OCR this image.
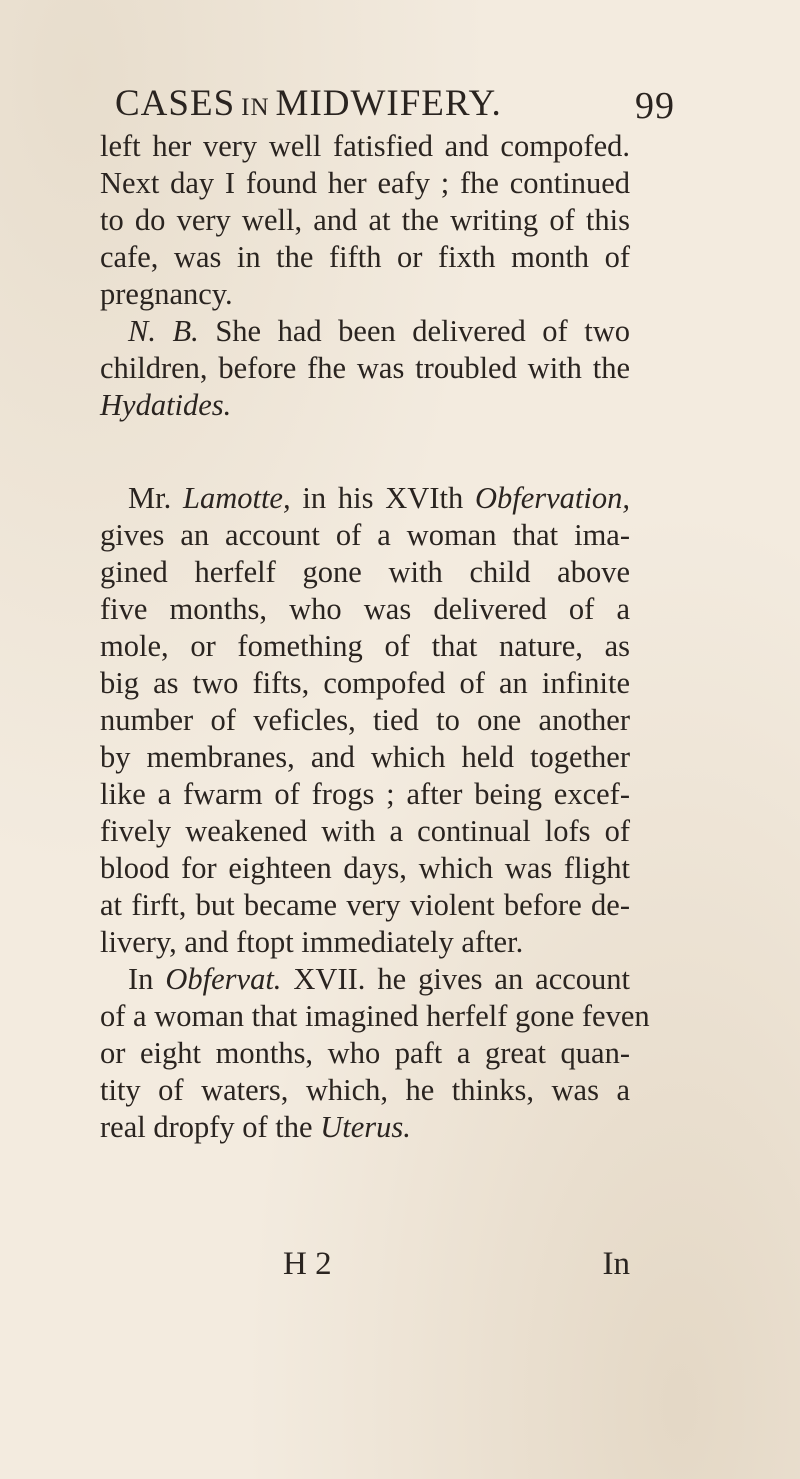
CASES IN MIDWIFERY.	99
left her very well fatisfied and compofed.
Next day I found her eafy ; fhe continued
to do very well, and at the writing of this
cafe, was in the fifth or fixth month of
pregnancy.
N. B. She had been delivered of two
children, before fhe was troubled with the
Hydatides.
Mr. Lamotte, in his XVIth Obfervation,
gives an account of a woman that ima-
gined herfelf gone with child above
five months, who was delivered of a
mole, or fomething of that nature, as
big as two fifts, compofed of an infinite
number of veficles, tied to one another
by membranes, and which held together
like a fwarm of frogs ; after being excef-
fively weakened with a continual lofs of
blood for eighteen days, which was flight
at firft, but became very violent before de-
livery, and ftopt immediately after.
In Obfervat. XVII. he gives an account
of a woman that imagined herfelf gone feven
or eight months, who paft a great quan-
tity of waters, which, he thinks, was a
real dropfy of the Uterus.
H 2	In
